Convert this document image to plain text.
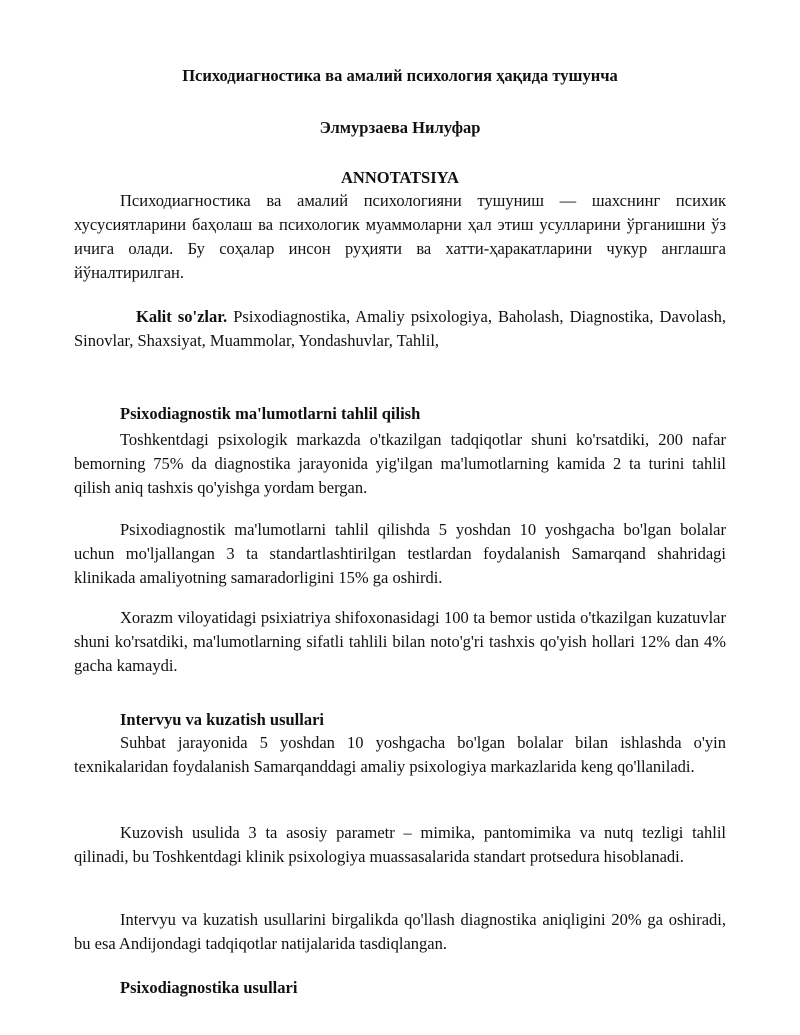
Психодиагностика ва амалий психология ҳақида тушунча
Элмурзаева Нилуфар
ANNOTATSIYA

Психодиагностика ва амалий психологияни тушуниш — шахснинг психик хусусиятларини баҳолаш ва психологик муаммоларни ҳал этиш усулларини ўрганишни ўз ичига олади. Бу соҳалар инсон руҳияти ва хатти-ҳаракатларини чукур англашга йўналтирилган.

Kalit so'zlar. Psixodiagnostika, Amaliy psixologiya, Baholash, Diagnostika, Davolash, Sinovlar, Shaxsiyat, Muammolar, Yondashuvlar, Tahlil,

Psixodiagnostik ma'lumotlarni tahlil qilish

Toshkentdagi psixologik markazda o'tkazilgan tadqiqotlar shuni ko'rsatdiki, 200 nafar bemorning 75% da diagnostika jarayonida yig'ilgan ma'lumotlarning kamida 2 ta turini tahlil qilish aniq tashxis qo'yishga yordam bergan.

Psixodiagnostik ma'lumotlarni tahlil qilishda 5 yoshdan 10 yoshgacha bo'lgan bolalar uchun mo'ljallangan 3 ta standartlashtirilgan testlardan foydalanish Samarqand shahridagi klinikada amaliyotning samaradorligini 15% ga oshirdi.

Xorazm viloyatidagi psixiatriya shifoxonasidagi 100 ta bemor ustida o'tkazilgan kuzatuvlar shuni ko'rsatdiki, ma'lumotlarning sifatli tahlili bilan noto'g'ri tashxis qo'yish hollari 12% dan 4% gacha kamaydi.

Intervyu va kuzatish usullari

Suhbat jarayonida 5 yoshdan 10 yoshgacha bo'lgan bolalar bilan ishlashda o'yin texnikalaridan foydalanish Samarqanddagi amaliy psixologiya markazlarida keng qo'llaniladi.

Kuzovish usulida 3 ta asosiy parametr – mimika, pantomimika va nutq tezligi tahlil qilinadi, bu Toshkentdagi klinik psixologiya muassasalarida standart protsedura hisoblanadi.

Intervyu va kuzatish usullarini birgalikda qo'llash diagnostika aniqligini 20% ga oshiradi, bu esa Andijondagi tadqiqotlar natijalarida tasdiqlangan.

Psixodiagnostika usullari
